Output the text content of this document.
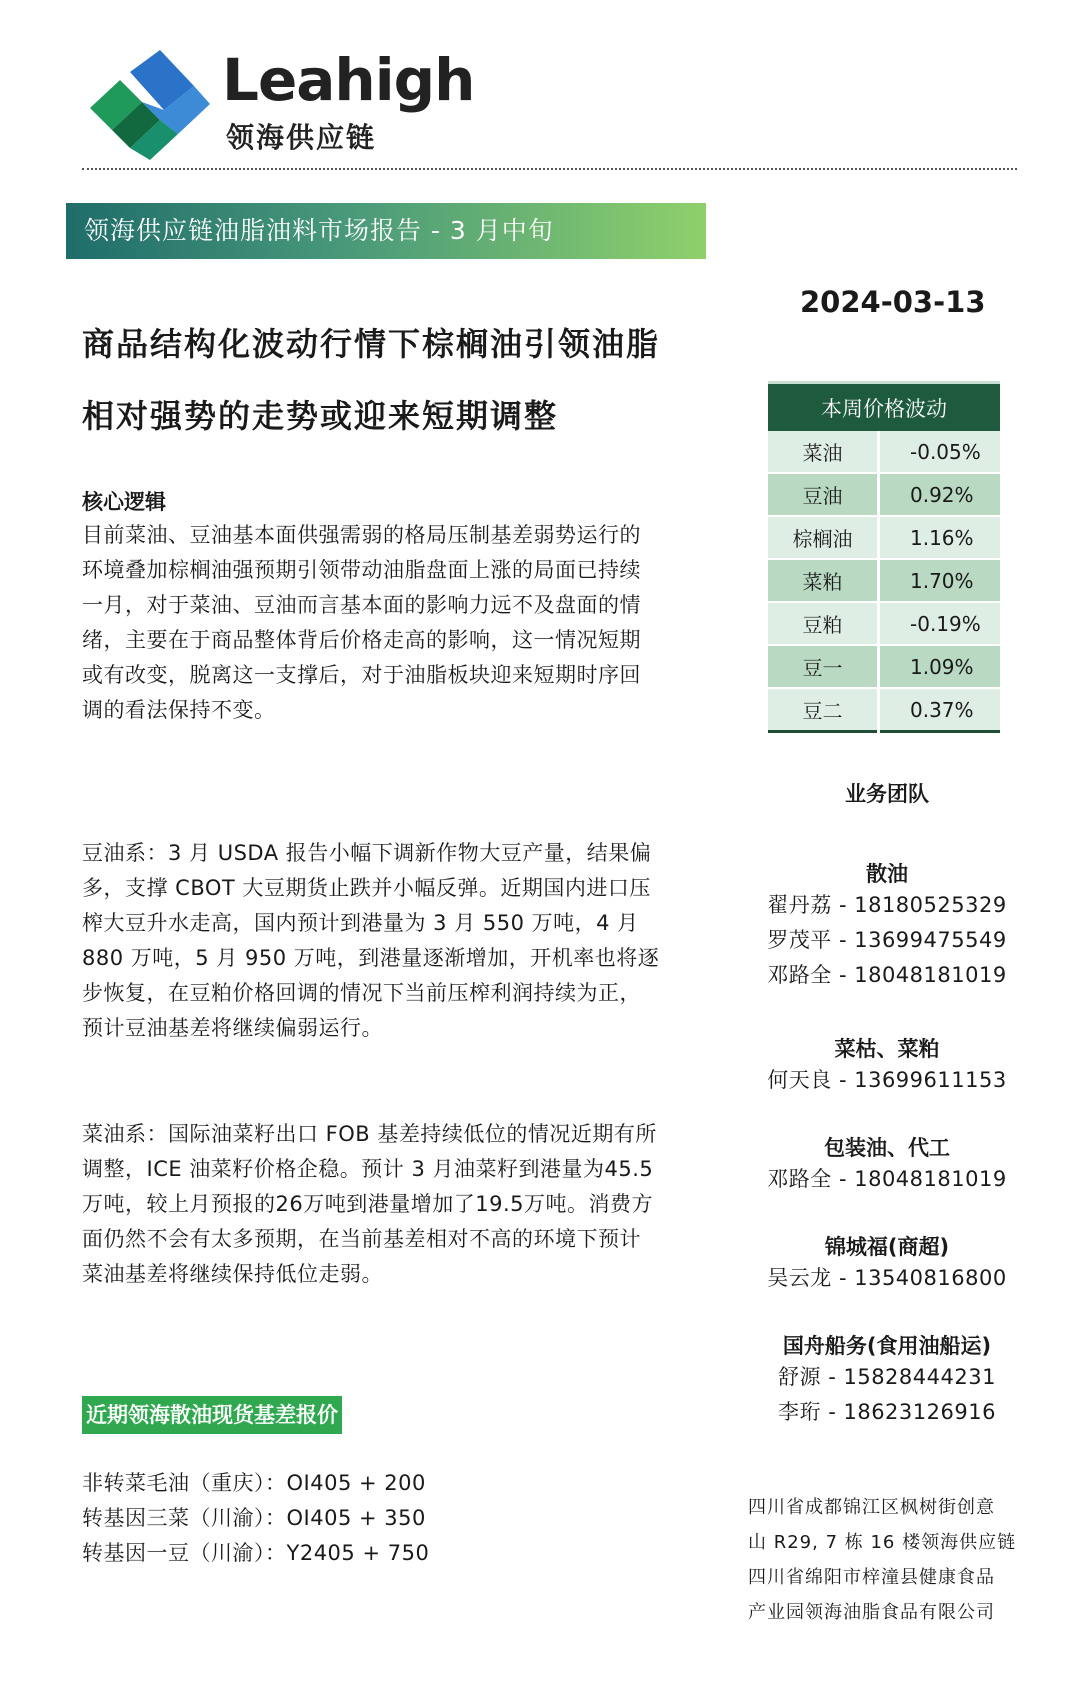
Leahigh
领海供应链
领海供应链油脂油料市场报告 - 3 月中旬
2024-03-13
商品结构化波动行情下棕榈油引领油脂相对强势的走势或迎来短期调整
核心逻辑

目前菜油、豆油基本面供强需弱的格局压制基差弱势运行的环境叠加棕榈油强预期引领带动油脂盘面上涨的局面已持续一月，对于菜油、豆油而言基本面的影响力远不及盘面的情绪，主要在于商品整体背后价格走高的影响，这一情况短期或有改变，脱离这一支撑后，对于油脂板块迎来短期时序回调的看法保持不变。

豆油系：3 月 USDA 报告小幅下调新作物大豆产量，结果偏多，支撑 CBOT 大豆期货止跌并小幅反弹。近期国内进口压榨大豆升水走高，国内预计到港量为 3 月 550 万吨，4 月 880 万吨，5 月 950 万吨，到港量逐渐增加，开机率也将逐步恢复，在豆粕价格回调的情况下当前压榨利润持续为正，预计豆油基差将继续偏弱运行。

菜油系：国际油菜籽出口 FOB 基差持续低位的情况近期有所调整，ICE 油菜籽价格企稳。预计 3 月油菜籽到港量为45.5万吨，较上月预报的26万吨到港量增加了19.5万吨。消费方面仍然不会有太多预期，在当前基差相对不高的环境下预计菜油基差将继续保持低位走弱。

近期领海散油现货基差报价
非转菜毛油（重庆）：OI405 + 200
转基因三菜（川渝）：OI405 + 350
转基因一豆（川渝）：Y2405 + 750
本周价格波动	
菜油	-0.05%
豆油	0.92%
棕榈油	1.16%
菜粕	1.70%
豆粕	-0.19%
豆一	1.09%
豆二	0.37%
业务团队
散油
翟丹荔 - 18180525329
罗茂平 - 13699475549
邓路全 - 18048181019
菜枯、菜粕
何天良 - 13699611153
包装油、代工
邓路全 - 18048181019
锦城福(商超)
吴云龙 - 13540816800
国舟船务(食用油船运)
舒源 - 15828444231
李珩 - 18623126916
四川省成都锦江区枫树街创意
山 R29, 7 栋 16 楼领海供应链
四川省绵阳市梓潼县健康食品
产业园领海油脂食品有限公司
